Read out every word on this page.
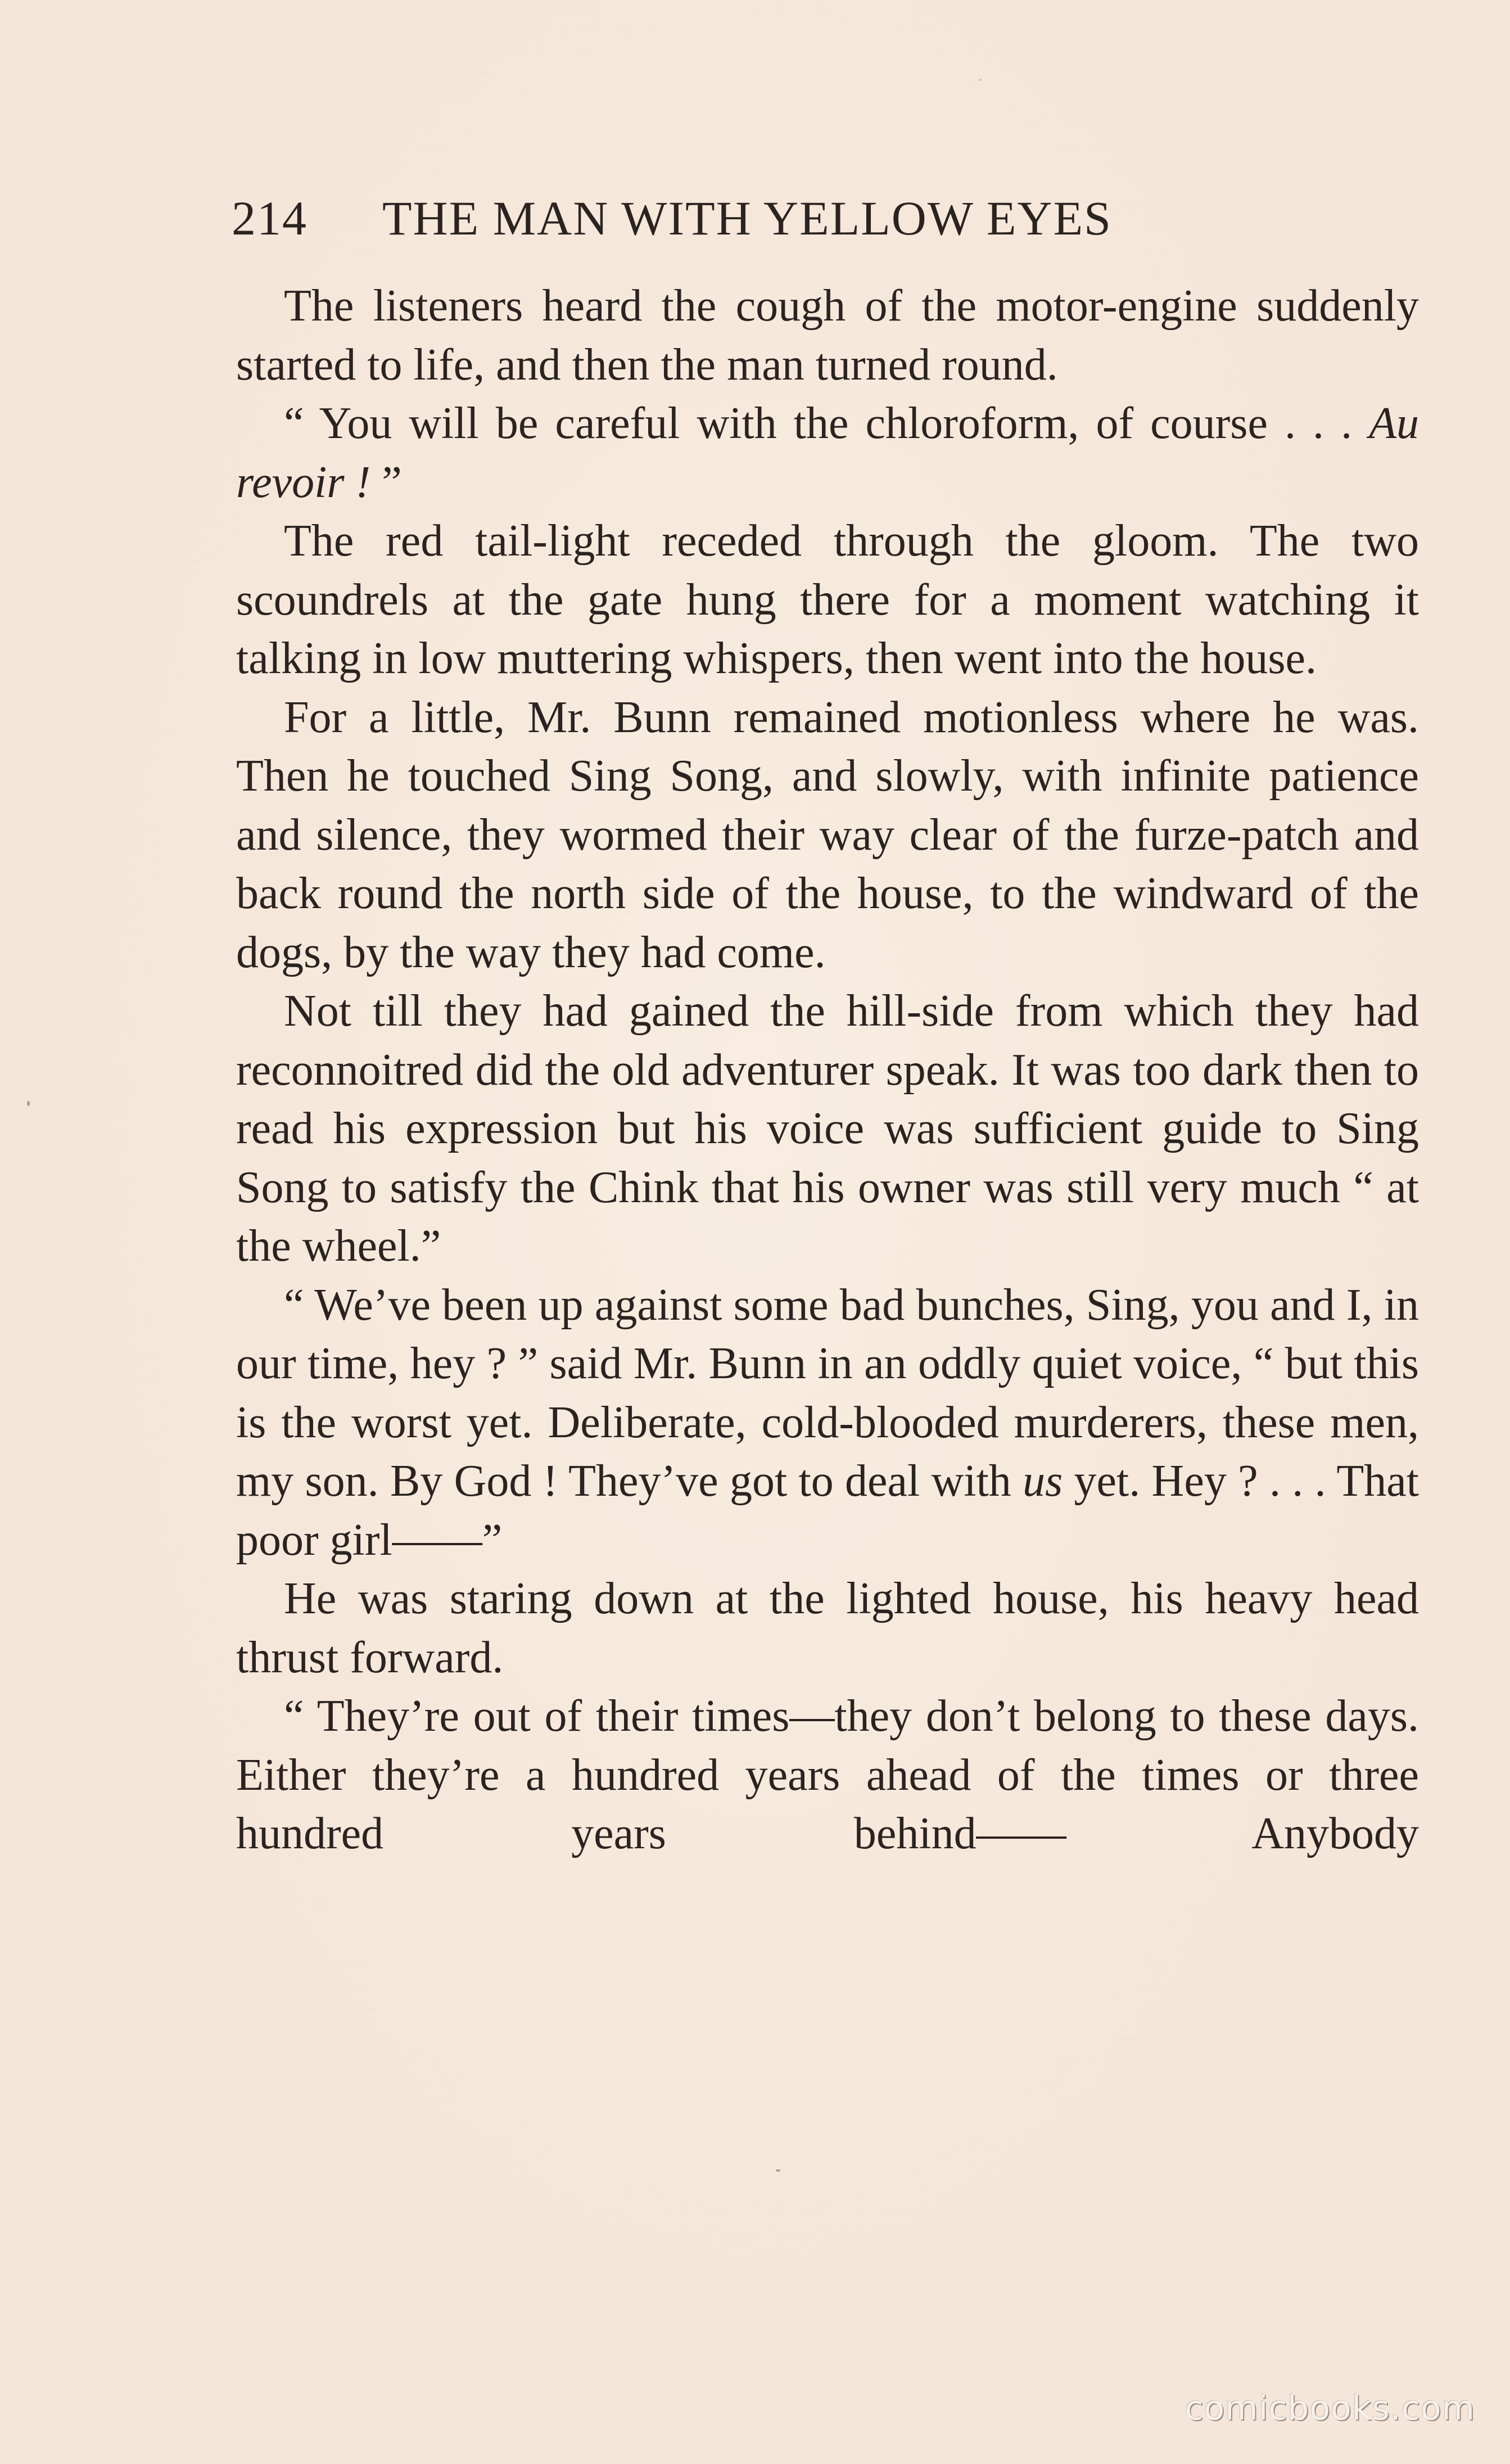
214 THE MAN WITH YELLOW EYES

The listeners heard the cough of the motor-engine suddenly started to life, and then the man turned round.

“ You will be careful with the chloroform, of course . . . Au revoir ! ”

The red tail-light receded through the gloom. The two scoundrels at the gate hung there for a moment watching it talking in low muttering whispers, then went into the house.

For a little, Mr. Bunn remained motionless where he was. Then he touched Sing Song, and slowly, with infinite patience and silence, they wormed their way clear of the furze-patch and back round the north side of the house, to the windward of the dogs, by the way they had come.

Not till they had gained the hill-side from which they had reconnoitred did the old adventurer speak. It was too dark then to read his expression but his voice was sufficient guide to Sing Song to satisfy the Chink that his owner was still very much “ at the wheel.”

“ We’ve been up against some bad bunches, Sing, you and I, in our time, hey ? ” said Mr. Bunn in an oddly quiet voice, “ but this is the worst yet. Deliberate, cold-blooded murderers, these men, my son. By God ! They’ve got to deal with us yet. Hey ? . . . That poor girl——”

He was staring down at the lighted house, his heavy head thrust forward.

“ They’re out of their times—they don’t belong to these days. Either they’re a hundred years ahead of the times or three hundred years behind—— Anybody

comicbooks.com
